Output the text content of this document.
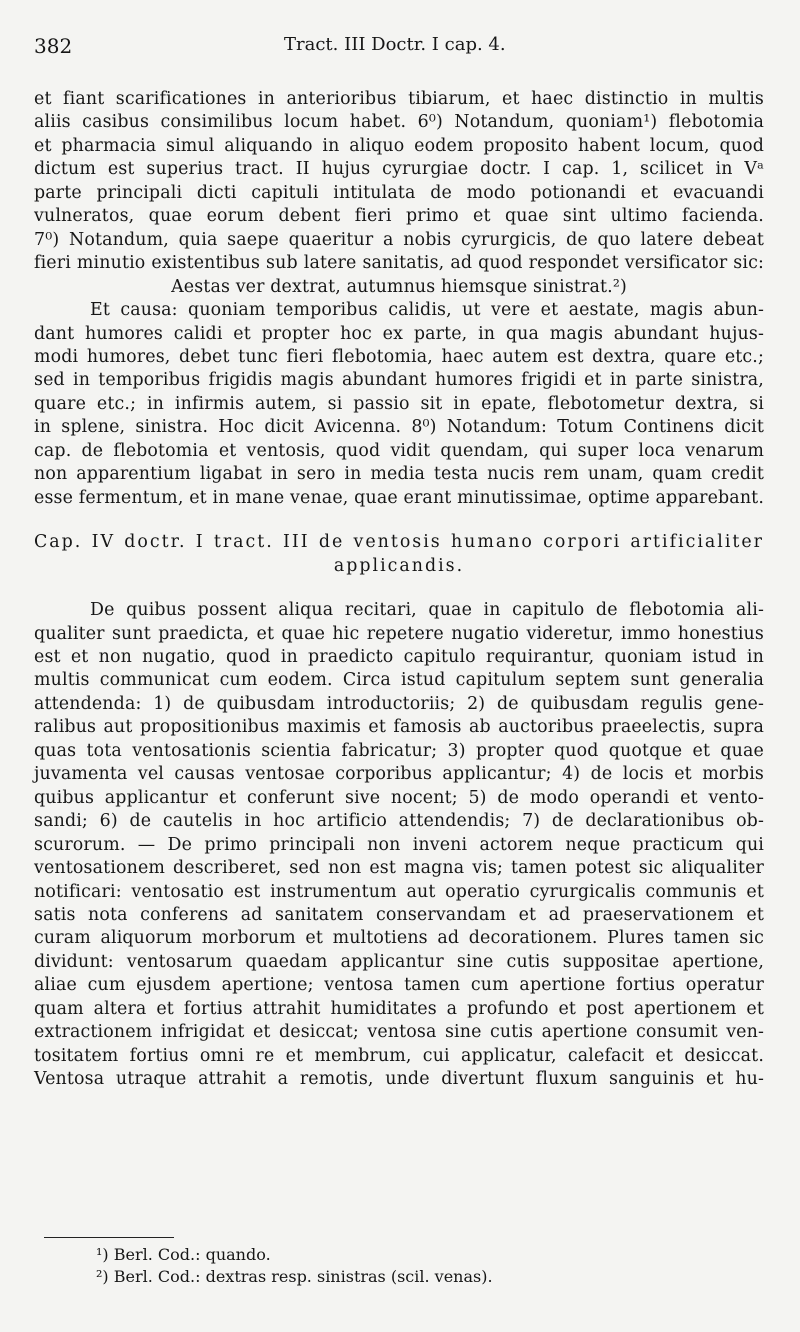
382	Tract. III Doctr. I cap. 4.
et fiant scarificationes in anterioribus tibiarum, et haec distinctio in multis
aliis casibus consimilibus locum habet. 6⁰) Notandum, quoniam¹) flebotomia
et pharmacia simul aliquando in aliquo eodem proposito habent locum, quod
dictum est superius tract. II hujus cyrurgiae doctr. I cap. 1, scilicet in Vᵃ
parte principali dicti capituli intitulata de modo potionandi et evacuandi
vulneratos, quae eorum debent fieri primo et quae sint ultimo facienda.
7⁰) Notandum, quia saepe quaeritur a nobis cyrurgicis, de quo latere debeat
fieri minutio existentibus sub latere sanitatis, ad quod respondet versificator sic:
Aestas ver dextrat, autumnus hiemsque sinistrat.²)
Et causa: quoniam temporibus calidis, ut vere et aestate, magis abun-
dant humores calidi et propter hoc ex parte, in qua magis abundant hujus-
modi humores, debet tunc fieri flebotomia, haec autem est dextra, quare etc.;
sed in temporibus frigidis magis abundant humores frigidi et in parte sinistra,
quare etc.; in infirmis autem, si passio sit in epate, flebotometur dextra, si
in splene, sinistra. Hoc dicit Avicenna. 8⁰) Notandum: Totum Continens dicit
cap. de flebotomia et ventosis, quod vidit quendam, qui super loca venarum
non apparentium ligabat in sero in media testa nucis rem unam, quam credit
esse fermentum, et in mane venae, quae erant minutissimae, optime apparebant.
Cap. IV doctr. I tract. III de ventosis humano corpori artificialiter
applicandis.
De quibus possent aliqua recitari, quae in capitulo de flebotomia ali-
qualiter sunt praedicta, et quae hic repetere nugatio videretur, immo honestius
est et non nugatio, quod in praedicto capitulo requirantur, quoniam istud in
multis communicat cum eodem. Circa istud capitulum septem sunt generalia
attendenda: 1) de quibusdam introductoriis; 2) de quibusdam regulis gene-
ralibus aut propositionibus maximis et famosis ab auctoribus praeelectis, supra
quas tota ventosationis scientia fabricatur; 3) propter quod quotque et quae
juvamenta vel causas ventosae corporibus applicantur; 4) de locis et morbis
quibus applicantur et conferunt sive nocent; 5) de modo operandi et vento-
sandi; 6) de cautelis in hoc artificio attendendis; 7) de declarationibus ob-
scurorum. — De primo principali non inveni actorem neque practicum qui
ventosationem describeret, sed non est magna vis; tamen potest sic aliqualiter
notificari: ventosatio est instrumentum aut operatio cyrurgicalis communis et
satis nota conferens ad sanitatem conservandam et ad praeservationem et
curam aliquorum morborum et multotiens ad decorationem. Plures tamen sic
dividunt: ventosarum quaedam applicantur sine cutis suppositae apertione,
aliae cum ejusdem apertione; ventosa tamen cum apertione fortius operatur
quam altera et fortius attrahit humiditates a profundo et post apertionem et
extractionem infrigidat et desiccat; ventosa sine cutis apertione consumit ven-
tositatem fortius omni re et membrum, cui applicatur, calefacit et desiccat.
Ventosa utraque attrahit a remotis, unde divertunt fluxum sanguinis et hu-
¹) Berl. Cod.: quando.
²) Berl. Cod.: dextras resp. sinistras (scil. venas).
